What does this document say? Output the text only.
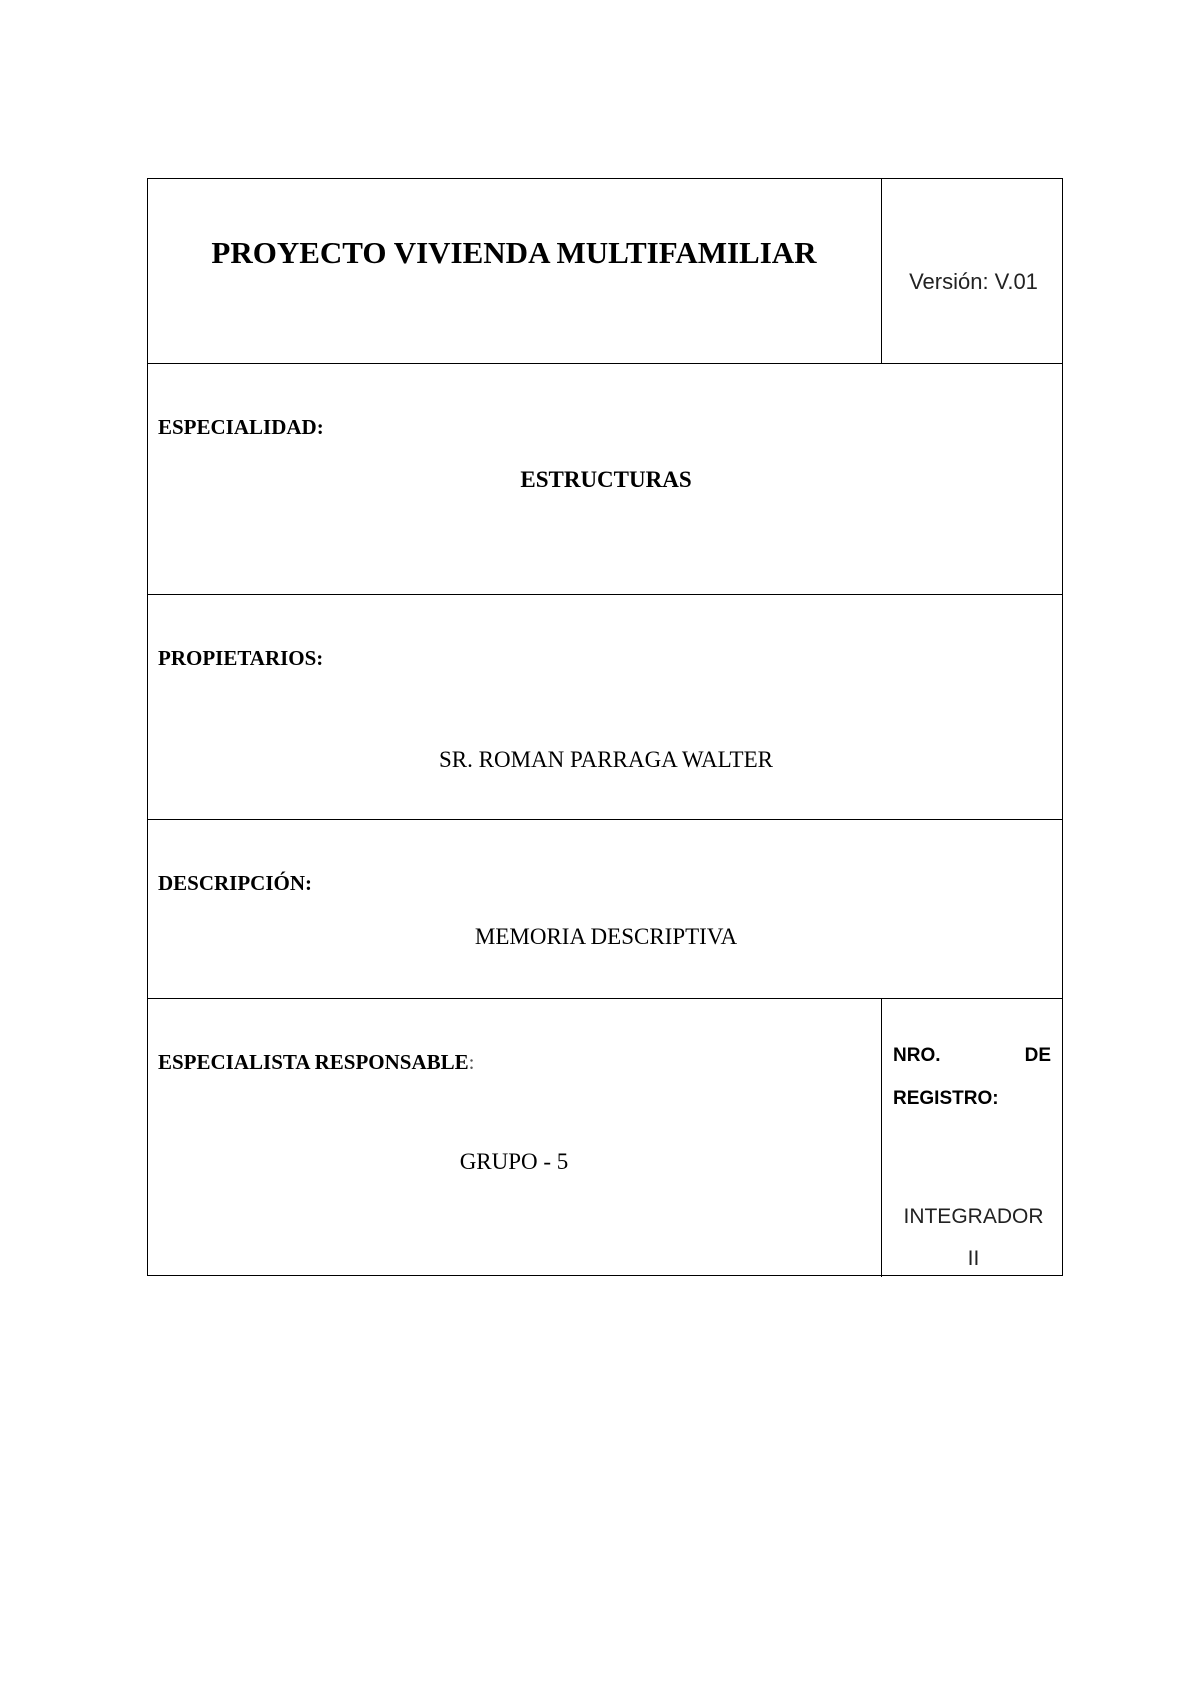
PROYECTO VIVIENDA MULTIFAMILIAR
Versión: V.01
ESPECIALIDAD:
ESTRUCTURAS
PROPIETARIOS:
SR. ROMAN PARRAGA WALTER
DESCRIPCIÓN:
MEMORIA DESCRIPTIVA
ESPECIALISTA RESPONSABLE:
GRUPO - 5
NRO.	DE
REGISTRO:
INTEGRADOR
II
